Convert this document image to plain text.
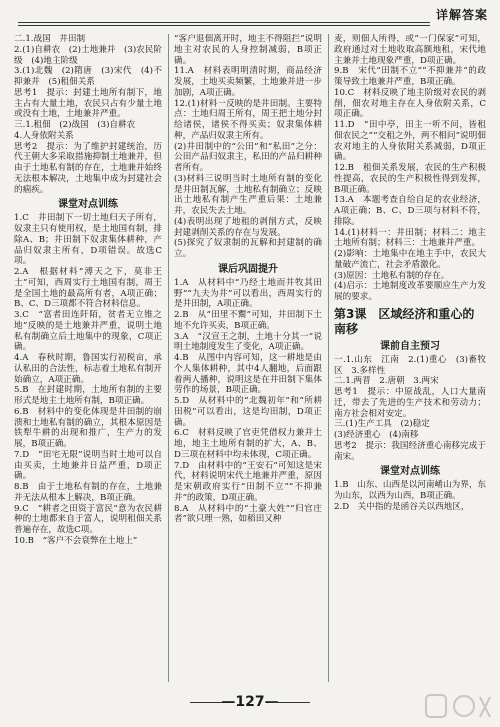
详解答案
二.1.战国　井田制
2.(1)自耕农　(2)土地兼并　(3)农民阶级　(4)地主阶级
3.(1)北魏　(2)隋唐　(3)宋代　(4)不抑兼并　(5)租佃关系
思考1　提示：封建土地所有制下，地主占有大量土地，农民只占有少量土地或没有土地，土地兼并严重。
三.1.租佃　(2)战国　(3)自耕农
4.人身依附关系
思考2　提示：为了维护封建统治，历代王朝大多采取措施抑制土地兼并，但由于土地私有制的存在，土地兼并始终无法根本解决，土地集中成为封建社会的痼疾。
课堂对点训练
1.C　井田制下一切土地归天子所有，奴隶主只有使用权，是土地国有制，排除A、B；井田制下奴隶集体耕种，产品归奴隶主所有，D项错误。故选C项。
2.A　根据材料“溥天之下，莫非王土”可知，西周实行土地国有制，周王是全国土地的最高所有者，A项正确；B、C、D三项都不符合材料信息。
3.C　“富者田连阡陌，贫者无立锥之地”反映的是土地兼并严重，说明土地私有制确立后土地集中的现象，C项正确。
4.A　春秋时期，鲁国实行初税亩，承认私田的合法性，标志着土地私有制开始确立，A项正确。
5.B　在封建时期，土地所有制的主要形式是地主土地所有制，B项正确。
6.B　材料中的变化体现是井田制的崩溃和土地私有制的确立，其根本原因是铁犁牛耕的出现和推广，生产力的发展，B项正确。
7.D　“田宅无限”说明当时土地可以自由买卖，土地兼并日益严重，D项正确。
8.B　由于土地私有制的存在，土地兼并无法从根本上解决，B项正确。
9.C　“耕者之田资于富民”意为农民耕种的土地都来自于富人，说明租佃关系普遍存在，故选C项。
10.B　“客户不会衰弊在土地上”
“客户退佃离开时，地主不得阻拦”说明地主对农民的人身控制减弱，B项正确。
11.A　材料表明明清时期，商品经济发展，土地买卖频繁，土地兼并进一步加剧，A项正确。
12.(1)材料一反映的是井田制。主要特点：土地归周王所有，周王把土地分封给诸侯，诸侯不得买卖；奴隶集体耕种，产品归奴隶主所有。
(2)井田制中的“公田”和“私田”之分：公田产品归奴隶主，私田的产品归耕种者所有。
(3)材料三说明当时土地所有制的变化是井田制瓦解，土地私有制确立；反映出土地私有制产生严重后果：土地兼并，农民失去土地。
(4)表明出现了地租的剥削方式，反映封建剥削关系的存在与发展。
(5)探究了奴隶制的瓦解和封建制的确立。
课后巩固提升
1.A　从材料中“乃经土地而井牧其田野”“九夫为井”可以看出，西周实行的是井田制，A项正确。
2.B　从“田里不鬻”可知，井田制下土地不允许买卖，B项正确。
3.A　“汉宣王之制，土地十分其一”说明土地制度发生了变化，A项正确。
4.B　从图中内容可知，这一耕地是由个人集体耕种，其中4人翻地，后面跟着两人播种，说明这是在井田制下集体劳作的场景，B项正确。
5.D　从材料中的“北魏初年”和“所耕田税”可以看出，这是均田制，D项正确。
6.C　材料反映了官吏凭借权力兼并土地，地主土地所有制的扩大，A、B、D三项在材料中均未体现，C项正确。
7.D　由材料中的“王安石”可知这是宋代，材料说明宋代土地兼并严重，原因是宋朝政府实行“田制不立”“不抑兼并”的政策，D项正确。
8.A　从材料中的“土豪大姓”“归官庄者”欲只理一熟，如稻田又种
麦，则佃人所得，或“一门保家”可知，政府通过对土地收取高额地租，宋代地主兼并土地现象严重，D项正确。
9.B　宋代“田制不立”“不抑兼并”的政策导致土地兼并严重，B项正确。
10.C　材料反映了地主阶级对农民的剥削，佃农对地主存在人身依附关系，C项正确。
11.D　“田中亭，田主一听不问，皆租佃农民之”“交租之外，两不相问”说明佃农对地主的人身依附关系减弱，D项正确。
12.B　租佃关系发展，农民的生产积极性提高，农民的生产积极性得到发挥，B项正确。
13.A　本题考查自给自足的农业经济，A项正确；B、C、D三项与材料不符，排除。
14.(1)材料一：井田制；材料二：地主土地所有制；材料三：土地兼并严重。
(2)影响：土地集中在地主手中，农民大量破产流亡，社会矛盾激化。
(3)原因：土地私有制的存在。
(4)启示：土地制度改革要顺应生产力发展的要求。
第3课　区域经济和重心的南移
课前自主预习
一.1.山东　江南　2.(1)重心　(3)畜牧区　3.多样性
二.1.两晋　2.唐朝　3.两宋
思考1　提示：中原战乱，人口大量南迁，带去了先进的生产技术和劳动力；南方社会相对安定。
三.(1)生产工具　(2)稳定
(3)经济重心　(4)南移
思考2　提示：我国经济重心南移完成于南宋。
课堂对点训练
1.B　山东、山西是以河南崤山为界，东为山东，以西为山西，B项正确。
2.D　关中指的是函谷关以西地区，
—127—
